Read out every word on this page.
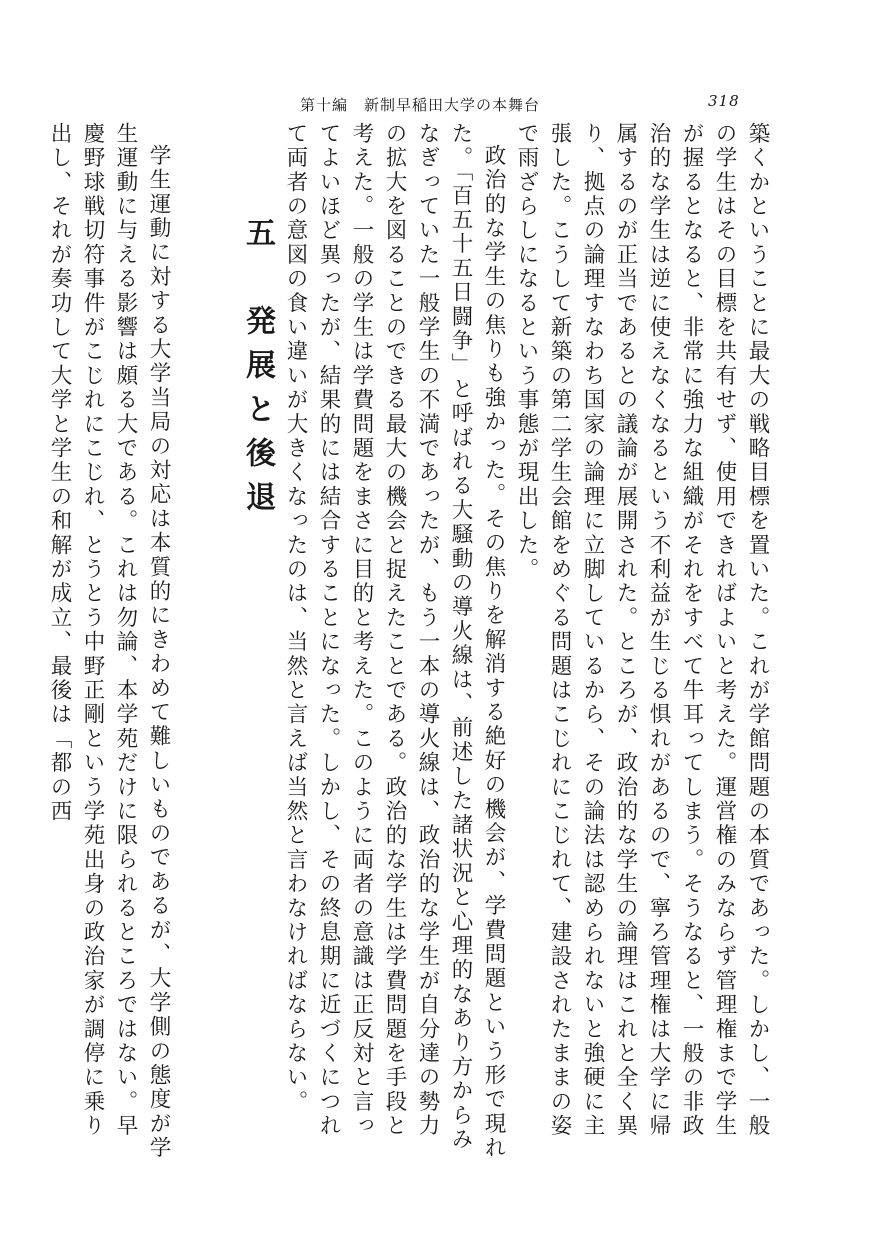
第十編　新制早稲田大学の本舞台	318

築くかということに最大の戦略目標を置いた。これが学館問題の本質であった。しかし、一般の学生はその目標を共有せず、使用できればよいと考えた。運営権のみならず管理権まで学生が握るとなると、非常に強力な組織がそれをすべて牛耳ってしまう。そうなると、一般の非政治的な学生は逆に使えなくなるという不利益が生じる惧れがあるので、寧ろ管理権は大学に帰属するのが正当であるとの議論が展開された。ところが、政治的な学生の論理はこれと全く異り、拠点の論理すなわち国家の論理に立脚しているから、その論法は認められないと強硬に主張した。こうして新築の第二学生会館をめぐる問題はこじれにこじれて、建設されたままの姿で雨ざらしになるという事態が現出した。

政治的な学生の焦りも強かった。その焦りを解消する絶好の機会が、学費問題という形で現れた。「百五十五日闘争」と呼ばれる大騒動の導火線は、前述した諸状況と心理的なあり方からみなぎっていた一般学生の不満であったが、もう一本の導火線は、政治的な学生が自分達の勢力の拡大を図ることのできる最大の機会と捉えたことである。政治的な学生は学費問題を手段と考えた。一般の学生は学費問題をまさに目的と考えた。このように両者の意識は正反対と言ってよいほど異ったが、結果的には結合することになった。しかし、その終息期に近づくにつれて両者の意図の食い違いが大きくなったのは、当然と言えば当然と言わなければならない。

五　発展と後退

学生運動に対する大学当局の対応は本質的にきわめて難しいものであるが、大学側の態度が学生運動に与える影響は頗る大である。これは勿論、本学苑だけに限られるところではない。早慶野球戦切符事件がこじれにこじれ、とうとう中野正剛という学苑出身の政治家が調停に乗り出し、それが奏功して大学と学生の和解が成立、最後は「都の西
